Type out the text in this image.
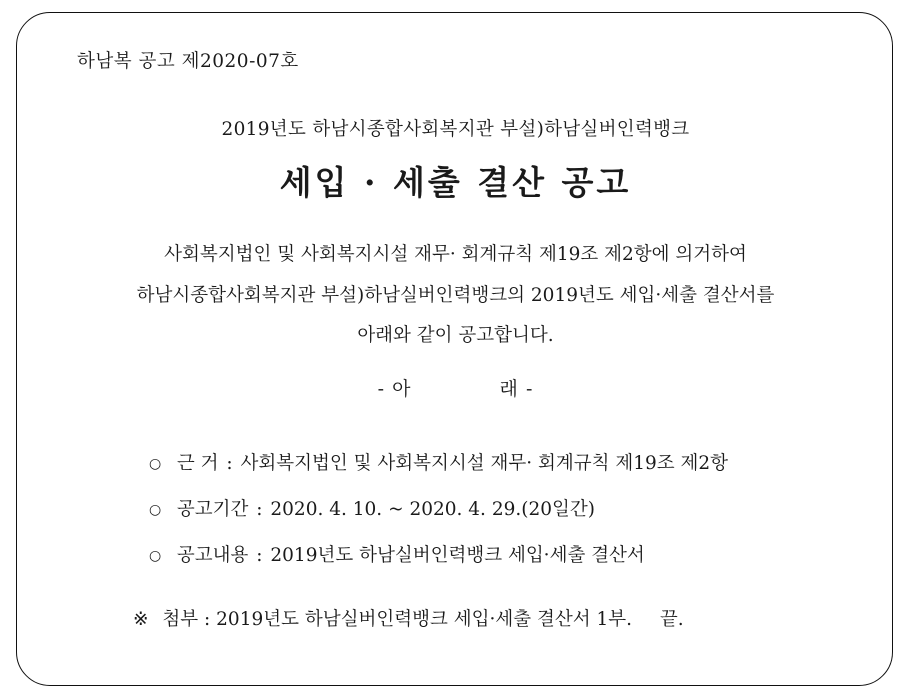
하남복 공고 제2020-07호
2019년도 하남시종합사회복지관 부설)하남실버인력뱅크
세입 · 세출 결산 공고
사회복지법인 및 사회복지시설 재무· 회계규칙 제19조 제2항에 의거하여
하남시종합사회복지관 부설)하남실버인력뱅크의 2019년도 세입·세출 결산서를
아래와 같이 공고합니다.
- 아	래 -
○ 근 거 : 사회복지법인 및 사회복지시설 재무· 회계규칙 제19조 제2항
○ 공고기간 : 2020. 4. 10. ~ 2020. 4. 29.(20일간)
○ 공고내용 : 2019년도 하남실버인력뱅크 세입·세출 결산서
※ 첨부 : 2019년도 하남실버인력뱅크 세입·세출 결산서 1부. 끝.
